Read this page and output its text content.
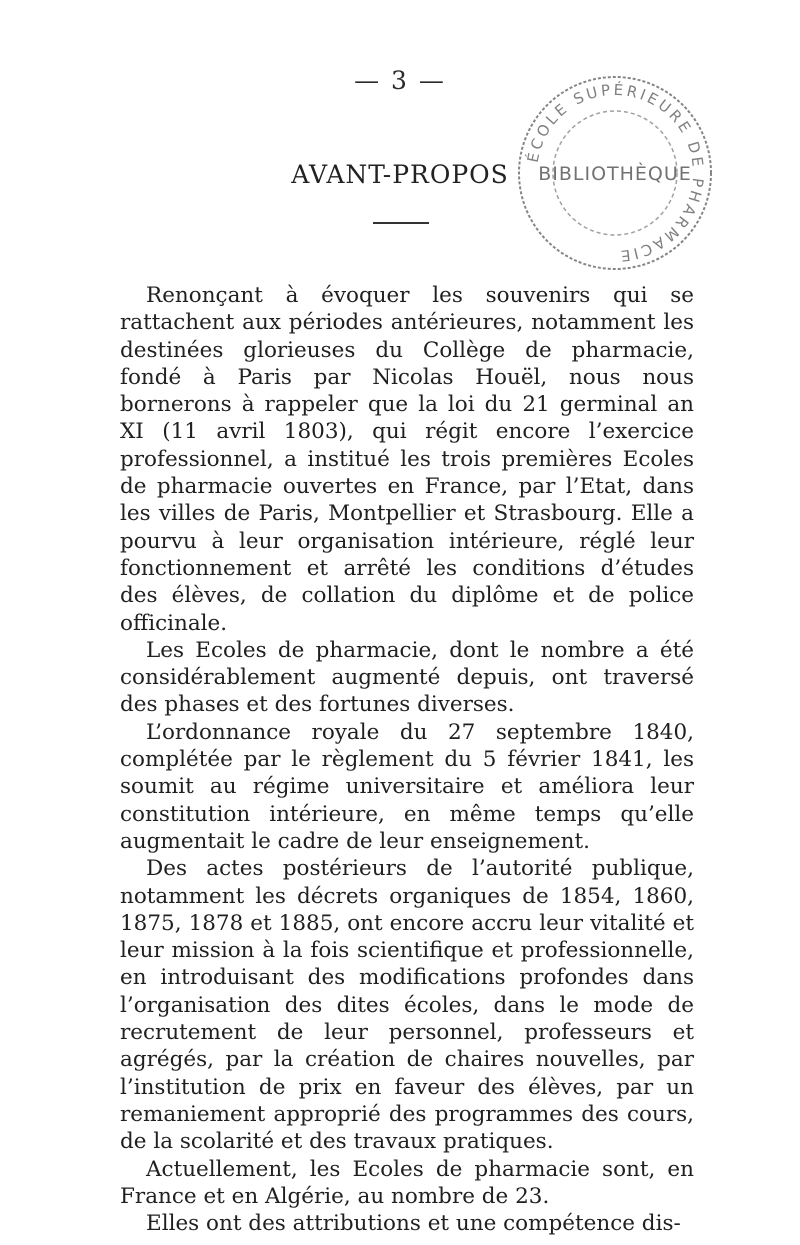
— 3 —
AVANT-PROPOS
ÉCOLE SUPÉRIEURE DE PHARMACIE
BIBLIOTHÈQUE

Renonçant à évoquer les souvenirs qui se rattachent aux périodes antérieures, notamment les destinées glorieuses du Collège de pharmacie, fondé à Paris par Nicolas Houël, nous nous bornerons à rappeler que la loi du 21 germinal an XI (11 avril 1803), qui régit encore l’exercice professionnel, a institué les trois premières Ecoles de pharmacie ouvertes en France, par l’Etat, dans les villes de Paris, Montpellier et Strasbourg. Elle a pourvu à leur organisation intérieure, réglé leur fonctionnement et arrêté les conditions d’études des élèves, de collation du diplôme et de police officinale.

Les Ecoles de pharmacie, dont le nombre a été considérablement augmenté depuis, ont traversé des phases et des fortunes diverses.

L’ordonnance royale du 27 septembre 1840, complétée par le règlement du 5 février 1841, les soumit au régime universitaire et améliora leur constitution intérieure, en même temps qu’elle augmentait le cadre de leur enseignement.

Des actes postérieurs de l’autorité publique, notamment les décrets organiques de 1854, 1860, 1875, 1878 et 1885, ont encore accru leur vitalité et leur mission à la fois scientifique et professionnelle, en introduisant des modifications profondes dans l’organisation des dites écoles, dans le mode de recrutement de leur personnel, professeurs et agrégés, par la création de chaires nouvelles, par l’institution de prix en faveur des élèves, par un remaniement approprié des programmes des cours, de la scolarité et des travaux pratiques.

Actuellement, les Ecoles de pharmacie sont, en France et en Algérie, au nombre de 23.

Elles ont des attributions et une compétence dis-
